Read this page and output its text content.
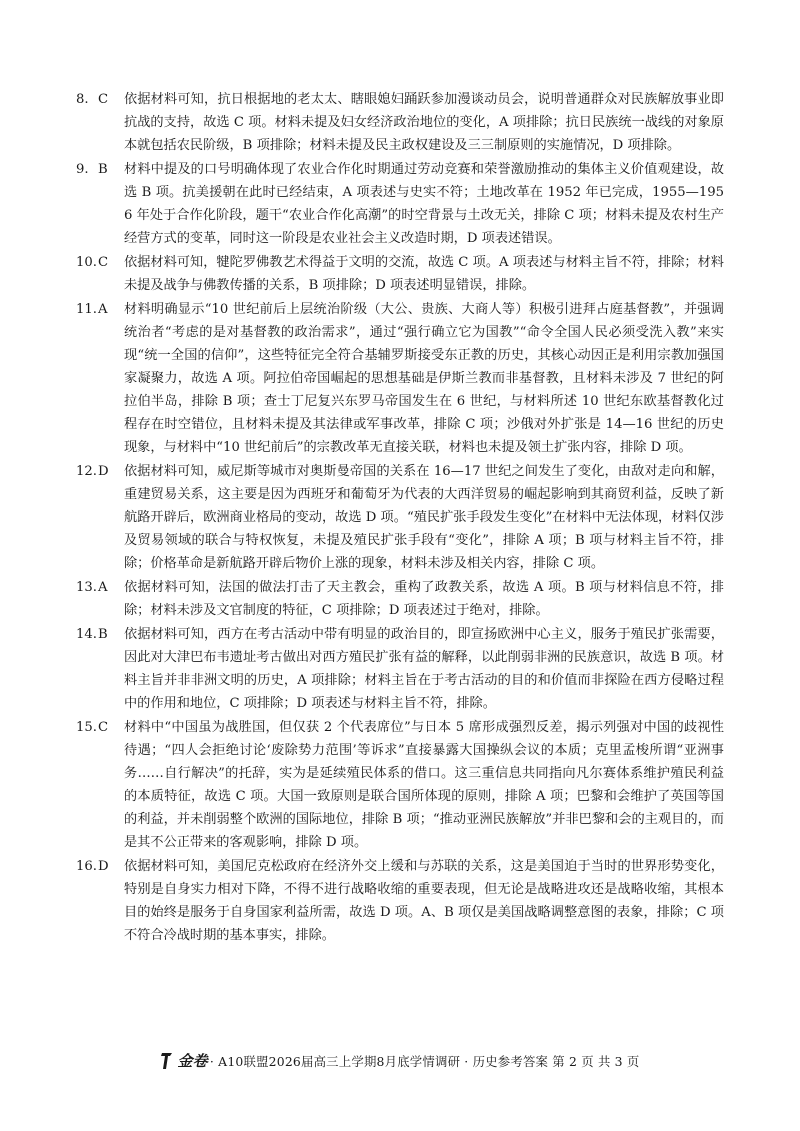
8. C	依据材料可知，抗日根据地的老太太、瞎眼媳妇踊跃参加漫谈动员会，说明普通群众对民族解放事业即抗战的支持，故选 C 项。材料未提及妇女经济政治地位的变化，A 项排除；抗日民族统一战线的对象原本就包括农民阶级，B 项排除；材料未提及民主政权建设及三三制原则的实施情况，D 项排除。
9. B	材料中提及的口号明确体现了农业合作化时期通过劳动竞赛和荣誉激励推动的集体主义价值观建设，故选 B 项。抗美援朝在此时已经结束，A 项表述与史实不符；土地改革在 1952 年已完成，1955—1956 年处于合作化阶段，题干“农业合作化高潮”的时空背景与土改无关，排除 C 项；材料未提及农村生产经营方式的变革，同时这一阶段是农业社会主义改造时期，D 项表述错误。
10. C	依据材料可知，犍陀罗佛教艺术得益于文明的交流，故选 C 项。A 项表述与材料主旨不符，排除；材料未提及战争与佛教传播的关系，B 项排除；D 项表述明显错误，排除。
11. A	材料明确显示“10 世纪前后上层统治阶级（大公、贵族、大商人等）积极引进拜占庭基督教”，并强调统治者“考虑的是对基督教的政治需求”，通过“强行确立它为国教”“命令全国人民必须受洗入教”来实现“统一全国的信仰”，这些特征完全符合基辅罗斯接受东正教的历史，其核心动因正是利用宗教加强国家凝聚力，故选 A 项。阿拉伯帝国崛起的思想基础是伊斯兰教而非基督教，且材料未涉及 7 世纪的阿拉伯半岛，排除 B 项；查士丁尼复兴东罗马帝国发生在 6 世纪，与材料所述 10 世纪东欧基督教化过程存在时空错位，且材料未提及其法律或军事改革，排除 C 项；沙俄对外扩张是 14—16 世纪的历史现象，与材料中“10 世纪前后”的宗教改革无直接关联，材料也未提及领土扩张内容，排除 D 项。
12. D	依据材料可知，威尼斯等城市对奥斯曼帝国的关系在 16—17 世纪之间发生了变化，由敌对走向和解，重建贸易关系，这主要是因为西班牙和葡萄牙为代表的大西洋贸易的崛起影响到其商贸利益，反映了新航路开辟后，欧洲商业格局的变动，故选 D 项。“殖民扩张手段发生变化”在材料中无法体现，材料仅涉及贸易领域的联合与特权恢复，未提及殖民扩张手段有“变化”，排除 A 项；B 项与材料主旨不符，排除；价格革命是新航路开辟后物价上涨的现象，材料未涉及相关内容，排除 C 项。
13. A	依据材料可知，法国的做法打击了天主教会，重构了政教关系，故选 A 项。B 项与材料信息不符，排除；材料未涉及文官制度的特征，C 项排除；D 项表述过于绝对，排除。
14. B	依据材料可知，西方在考古活动中带有明显的政治目的，即宣扬欧洲中心主义，服务于殖民扩张需要，因此对大津巴布韦遗址考古做出对西方殖民扩张有益的解释，以此削弱非洲的民族意识，故选 B 项。材料主旨并非非洲文明的历史，A 项排除；材料主旨在于考古活动的目的和价值而非探险在西方侵略过程中的作用和地位，C 项排除；D 项表述与材料主旨不符，排除。
15. C	材料中“中国虽为战胜国，但仅获 2 个代表席位”与日本 5 席形成强烈反差，揭示列强对中国的歧视性待遇；“四人会拒绝讨论‘废除势力范围’等诉求”直接暴露大国操纵会议的本质；克里孟梭所谓“亚洲事务……自行解决”的托辞，实为是延续殖民体系的借口。这三重信息共同指向凡尔赛体系维护殖民利益的本质特征，故选 C 项。大国一致原则是联合国所体现的原则，排除 A 项；巴黎和会维护了英国等国的利益，并未削弱整个欧洲的国际地位，排除 B 项；“推动亚洲民族解放”并非巴黎和会的主观目的，而是其不公正带来的客观影响，排除 D 项。
16. D	依据材料可知，美国尼克松政府在经济外交上缓和与苏联的关系，这是美国迫于当时的世界形势变化，特别是自身实力相对下降，不得不进行战略收缩的重要表现，但无论是战略进攻还是战略收缩，其根本目的始终是服务于自身国家利益所需，故选 D 项。A、B 项仅是美国战略调整意图的表象，排除；C 项不符合冷战时期的基本事实，排除。
金卷 · A10联盟2026届高三上学期8月底学情调研 · 历史参考答案 第 2 页 共 3 页
